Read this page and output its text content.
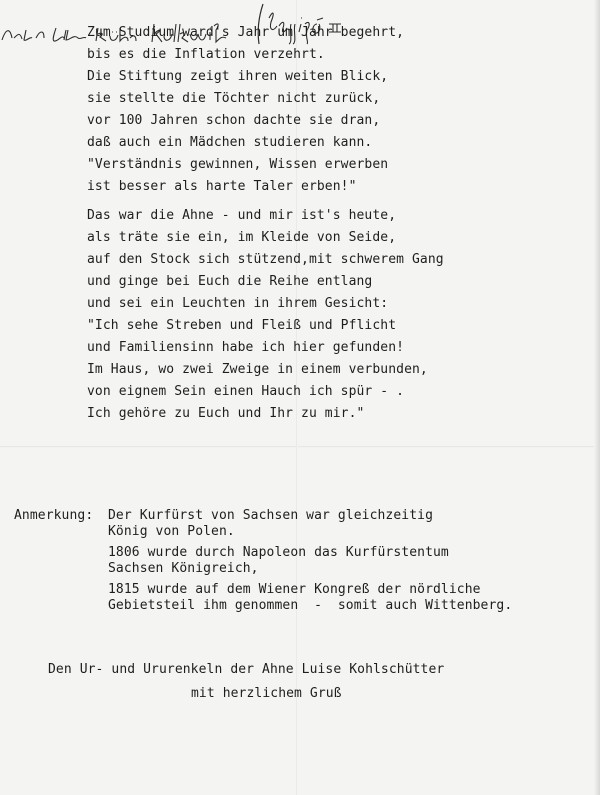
Zum Studium ward's Jahr um Jahr begehrt,
bis es die Inflation verzehrt.
Die Stiftung zeigt ihren weiten Blick,
sie stellte die Töchter nicht zurück,
vor 100 Jahren schon dachte sie dran,
daß auch ein Mädchen studieren kann.
"Verständnis gewinnen, Wissen erwerben
ist besser als harte Taler erben!"
Das war die Ahne - und mir ist's heute,
als träte sie ein, im Kleide von Seide,
auf den Stock sich stützend,mit schwerem Gang
und ginge bei Euch die Reihe entlang
und sei ein Leuchten in ihrem Gesicht:
"Ich sehe Streben und Fleiß und Pflicht
und Familiensinn habe ich hier gefunden!
Im Haus, wo zwei Zweige in einem verbunden,
von eignem Sein einen Hauch ich spür - .
Ich gehöre zu Euch und Ihr zu mir."
Anmerkung: Der Kurfürst von Sachsen war gleichzeitig
König von Polen.
1806 wurde durch Napoleon das Kurfürstentum
Sachsen Königreich,
1815 wurde auf dem Wiener Kongreß der nördliche
Gebietsteil ihm genommen  -  somit auch Wittenberg.
Den Ur- und Ururenkeln der Ahne Luise Kohlschütter
mit herzlichem Gruß
